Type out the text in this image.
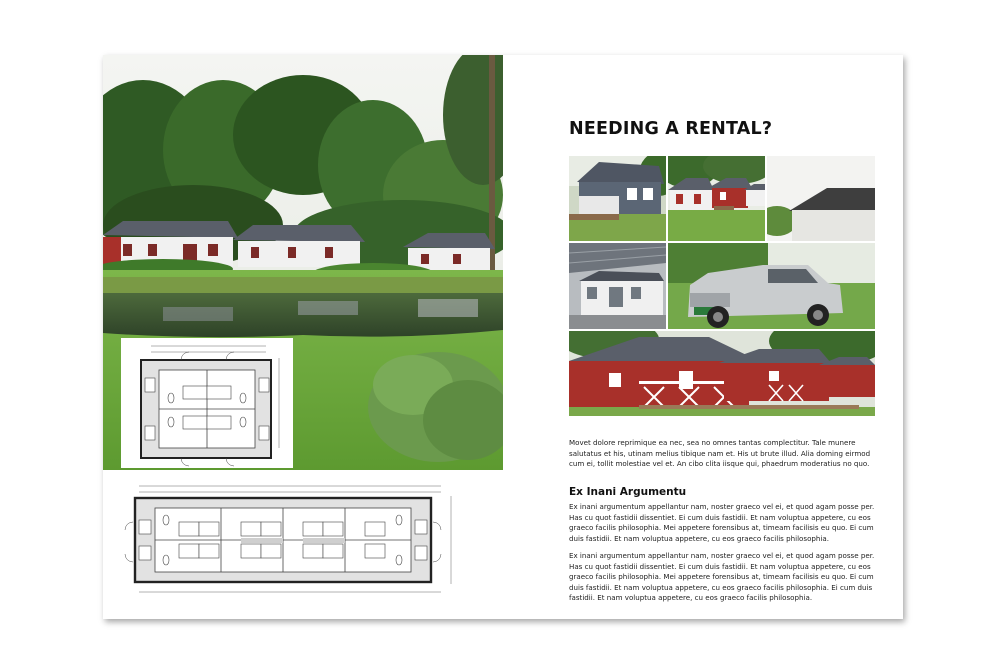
NEEDING A RENTAL?
Movet dolore reprimique ea nec, sea no omnes tantas complectitur. Tale munere salutatus et his, utinam melius tibique nam et. His ut brute illud. Alia doming eirmod cum ei, tollit molestiae vel et. An cibo clita iisque qui, phaedrum moderatius no quo.
Ex Inani Argumentu
Ex inani argumentum appellantur nam, noster graeco vel ei, et quod agam posse per. Has cu quot fastidii dissentiet. Ei cum duis fastidii. Et nam voluptua appetere, cu eos graeco facilis philosophia. Mei appetere forensibus at, timeam facilisis eu quo. Ei cum duis fastidii. Et nam voluptua appetere, cu eos graeco facilis philosophia.
Ex inani argumentum appellantur nam, noster graeco vel ei, et quod agam posse per. Has cu quot fastidii dissentiet. Ei cum duis fastidii. Et nam voluptua appetere, cu eos graeco facilis philosophia. Mei appetere forensibus at, timeam facilisis eu quo. Ei cum duis fastidii. Et nam voluptua appetere, cu eos graeco facilis philosophia. Ei cum duis fastidii. Et nam voluptua appetere, cu eos graeco facilis philosophia.
